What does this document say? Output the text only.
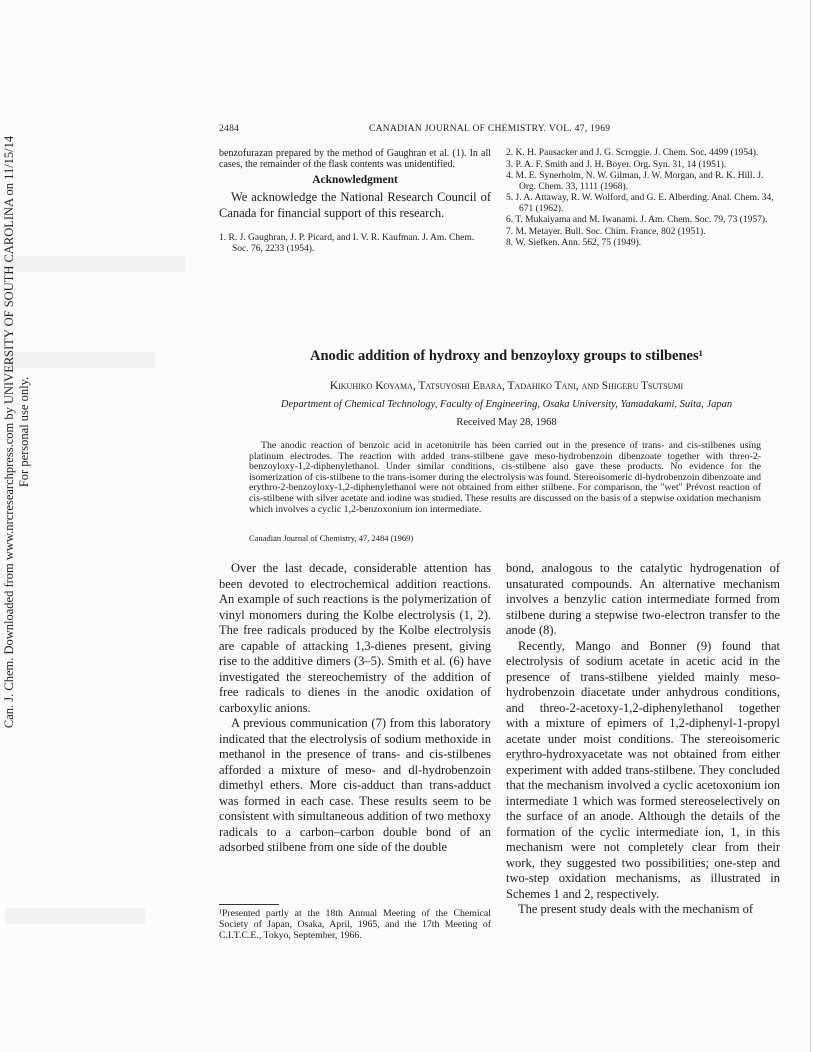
Can. J. Chem. Downloaded from www.nrcresearchpress.com by UNIVERSITY OF SOUTH CAROLINA on 11/15/14 For personal use only.
2484	CANADIAN JOURNAL OF CHEMISTRY. VOL. 47, 1969
benzofurazan prepared by the method of Gaughran et al. (1). In all cases, the remainder of the flask contents was unidentified.
Acknowledgment
We acknowledge the National Research Council of Canada for financial support of this research.
1. R. J. Gaughran, J. P. Picard, and I. V. R. Kaufman. J. Am. Chem. Soc. 76, 2233 (1954).
2. K. H. Pausacker and J. G. Scroggie. J. Chem. Soc. 4499 (1954).
3. P. A. F. Smith and J. H. Boyer. Org. Syn. 31, 14 (1951).
4. M. E. Synerholm, N. W. Gilman, J. W. Morgan, and R. K. Hill. J. Org. Chem. 33, 1111 (1968).
5. J. A. Attaway, R. W. Wolford, and G. E. Alberding. Anal. Chem. 34, 671 (1962).
6. T. Mukaiyama and M. Iwanami. J. Am. Chem. Soc. 79, 73 (1957).
7. M. Metayer. Bull. Soc. Chim. France, 802 (1951).
8. W. Siefken. Ann. 562, 75 (1949).
Anodic addition of hydroxy and benzoyloxy groups to stilbenes¹
Kikuhiko Koyama, Tatsuyoshi Ebara, Tadahiko Tani, and Shigeru Tsutsumi
Department of Chemical Technology, Faculty of Engineering, Osaka University, Yamadakami, Suita, Japan
Received May 28, 1968
The anodic reaction of benzoic acid in acetonitrile has been carried out in the presence of trans- and cis-stilbenes using platinum electrodes. The reaction with added trans-stilbene gave meso-hydrobenzoin dibenzoate together with threo-2-benzoyloxy-1,2-diphenylethanol. Under similar conditions, cis-stilbene also gave these products. No evidence for the isomerization of cis-stilbene to the trans-isomer during the electrolysis was found. Stereoisomeric dl-hydrobenzoin dibenzoate and erythro-2-benzoyloxy-1,2-diphenylethanol were not obtained from either stilbene. For comparison, the "wet" Prévost reaction of cis-stilbene with silver acetate and iodine was studied. These results are discussed on the basis of a stepwise oxidation mechanism which involves a cyclic 1,2-benzoxonium ion intermediate.
Canadian Journal of Chemistry, 47, 2484 (1969)

Over the last decade, considerable attention has been devoted to electrochemical addition reactions. An example of such reactions is the polymerization of vinyl monomers during the Kolbe electrolysis (1, 2). The free radicals produced by the Kolbe electrolysis are capable of attacking 1,3-dienes present, giving rise to the additive dimers (3–5). Smith et al. (6) have investigated the stereochemistry of the addition of free radicals to dienes in the anodic oxidation of carboxylic anions.

A previous communication (7) from this laboratory indicated that the electrolysis of sodium methoxide in methanol in the presence of trans- and cis-stilbenes afforded a mixture of meso- and dl-hydrobenzoin dimethyl ethers. More cis-adduct than trans-adduct was formed in each case. These results seem to be consistent with simultaneous addition of two methoxy radicals to a carbon–carbon double bond of an adsorbed stilbene from one side of the double

bond, analogous to the catalytic hydrogenation of unsaturated compounds. An alternative mechanism involves a benzylic cation intermediate formed from stilbene during a stepwise two-electron transfer to the anode (8).

Recently, Mango and Bonner (9) found that electrolysis of sodium acetate in acetic acid in the presence of trans-stilbene yielded mainly meso-hydrobenzoin diacetate under anhydrous conditions, and threo-2-acetoxy-1,2-diphenylethanol together with a mixture of epimers of 1,2-diphenyl-1-propyl acetate under moist conditions. The stereoisomeric erythro-hydroxyacetate was not obtained from either experiment with added trans-stilbene. They concluded that the mechanism involved a cyclic acetoxonium ion intermediate 1 which was formed stereoselectively on the surface of an anode. Although the details of the formation of the cyclic intermediate ion, 1, in this mechanism were not completely clear from their work, they suggested two possibilities; one-step and two-step oxidation mechanisms, as illustrated in Schemes 1 and 2, respectively.

The present study deals with the mechanism of

¹Presented partly at the 18th Annual Meeting of the Chemical Society of Japan, Osaka, April, 1965, and the 17th Meeting of C.I.T.C.E., Tokyo, September, 1966.
